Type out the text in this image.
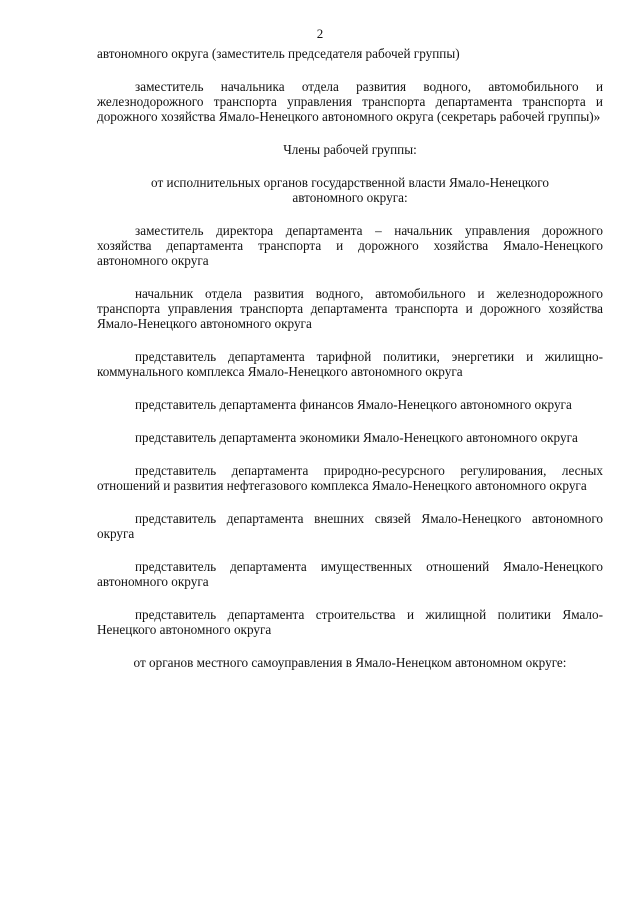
2

автономного округа (заместитель председателя рабочей группы)

заместитель начальника отдела развития водного, автомобильного и железнодорожного транспорта управления транспорта департамента транспорта и дорожного хозяйства Ямало-Ненецкого автономного округа (секретарь рабочей группы)»

Члены рабочей группы:

от исполнительных органов государственной власти Ямало-Ненецкого автономного округа:

заместитель директора департамента – начальник управления дорожного хозяйства департамента транспорта и дорожного хозяйства Ямало-Ненецкого автономного округа

начальник отдела развития водного, автомобильного и железнодорожного транспорта управления транспорта департамента транспорта и дорожного хозяйства Ямало-Ненецкого автономного округа

представитель департамента тарифной политики, энергетики и жилищно-коммунального комплекса Ямало-Ненецкого автономного округа

представитель департамента финансов Ямало-Ненецкого автономного округа

представитель департамента экономики Ямало-Ненецкого автономного округа

представитель департамента природно-ресурсного регулирования, лесных отношений и развития нефтегазового комплекса Ямало-Ненецкого автономного округа

представитель департамента внешних связей Ямало-Ненецкого автономного округа

представитель департамента имущественных отношений Ямало-Ненецкого автономного округа

представитель департамента строительства и жилищной политики Ямало-Ненецкого автономного округа

от органов местного самоуправления в Ямало-Ненецком автономном округе:
